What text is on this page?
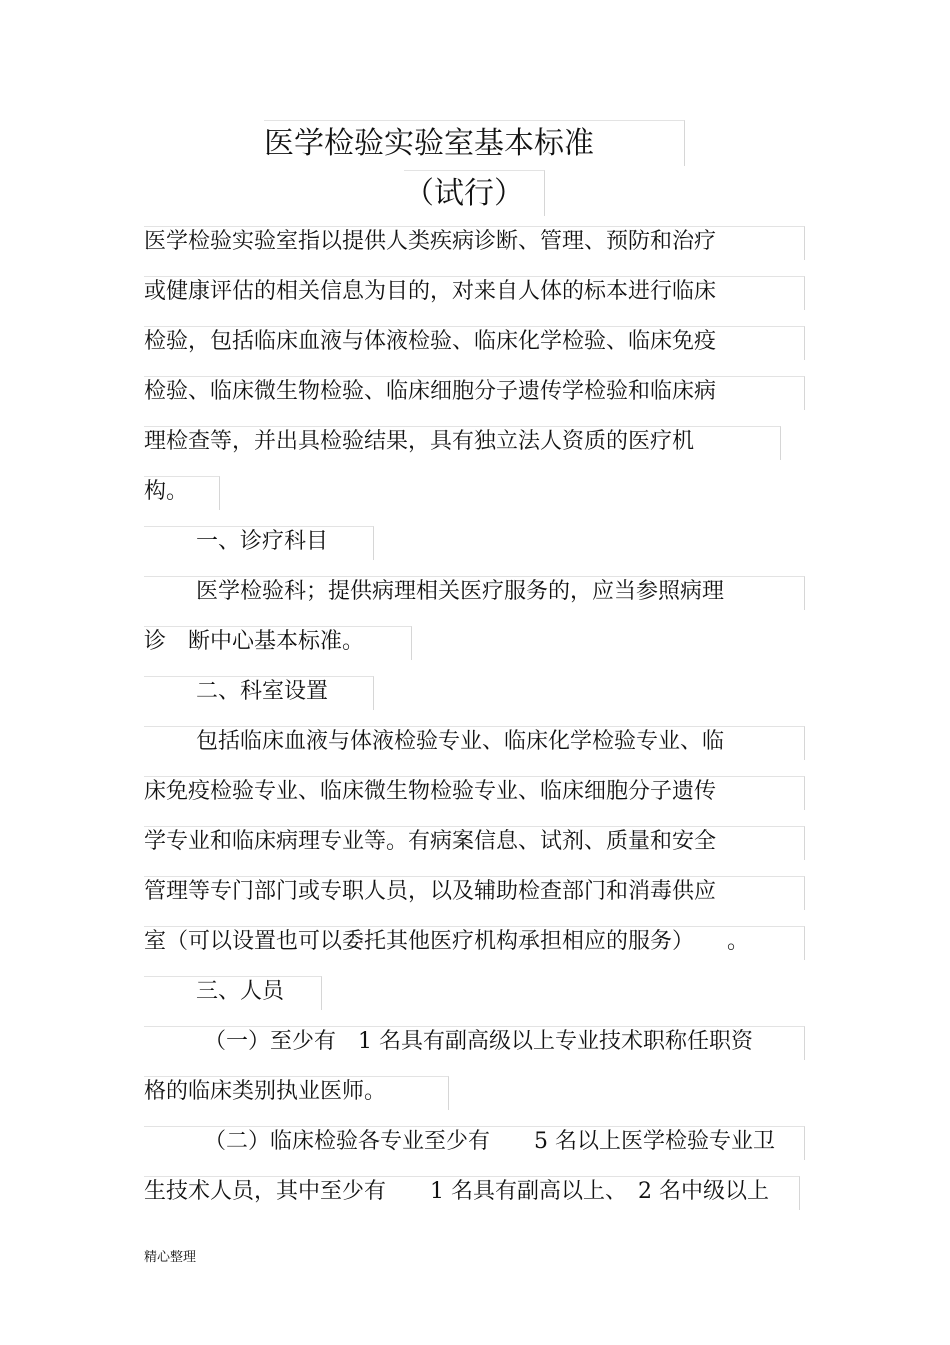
医学检验实验室基本标准
（试行）
医学检验实验室指以提供人类疾病诊断、管理、预防和治疗
或健康评估的相关信息为目的，对来自人体的标本进行临床
检验，包括临床血液与体液检验、临床化学检验、临床免疫
检验、临床微生物检验、临床细胞分子遗传学检验和临床病
理检查等，并出具检验结果，具有独立法人资质的医疗机
构。
一、诊疗科目
医学检验科；提供病理相关医疗服务的，应当参照病理
诊　断中心基本标准。
二、科室设置
包括临床血液与体液检验专业、临床化学检验专业、临
床免疫检验专业、临床微生物检验专业、临床细胞分子遗传
学专业和临床病理专业等。有病案信息、试剂、质量和安全
管理等专门部门或专职人员，以及辅助检查部门和消毒供应
室（可以设置也可以委托其他医疗机构承担相应的服务）　　。
三、人员
（一）至少有　1 名具有副高级以上专业技术职称任职资
格的临床类别执业医师。
（二）临床检验各专业至少有　　5 名以上医学检验专业卫
生技术人员，其中至少有　　1 名具有副高以上、　2 名中级以上
精心整理
